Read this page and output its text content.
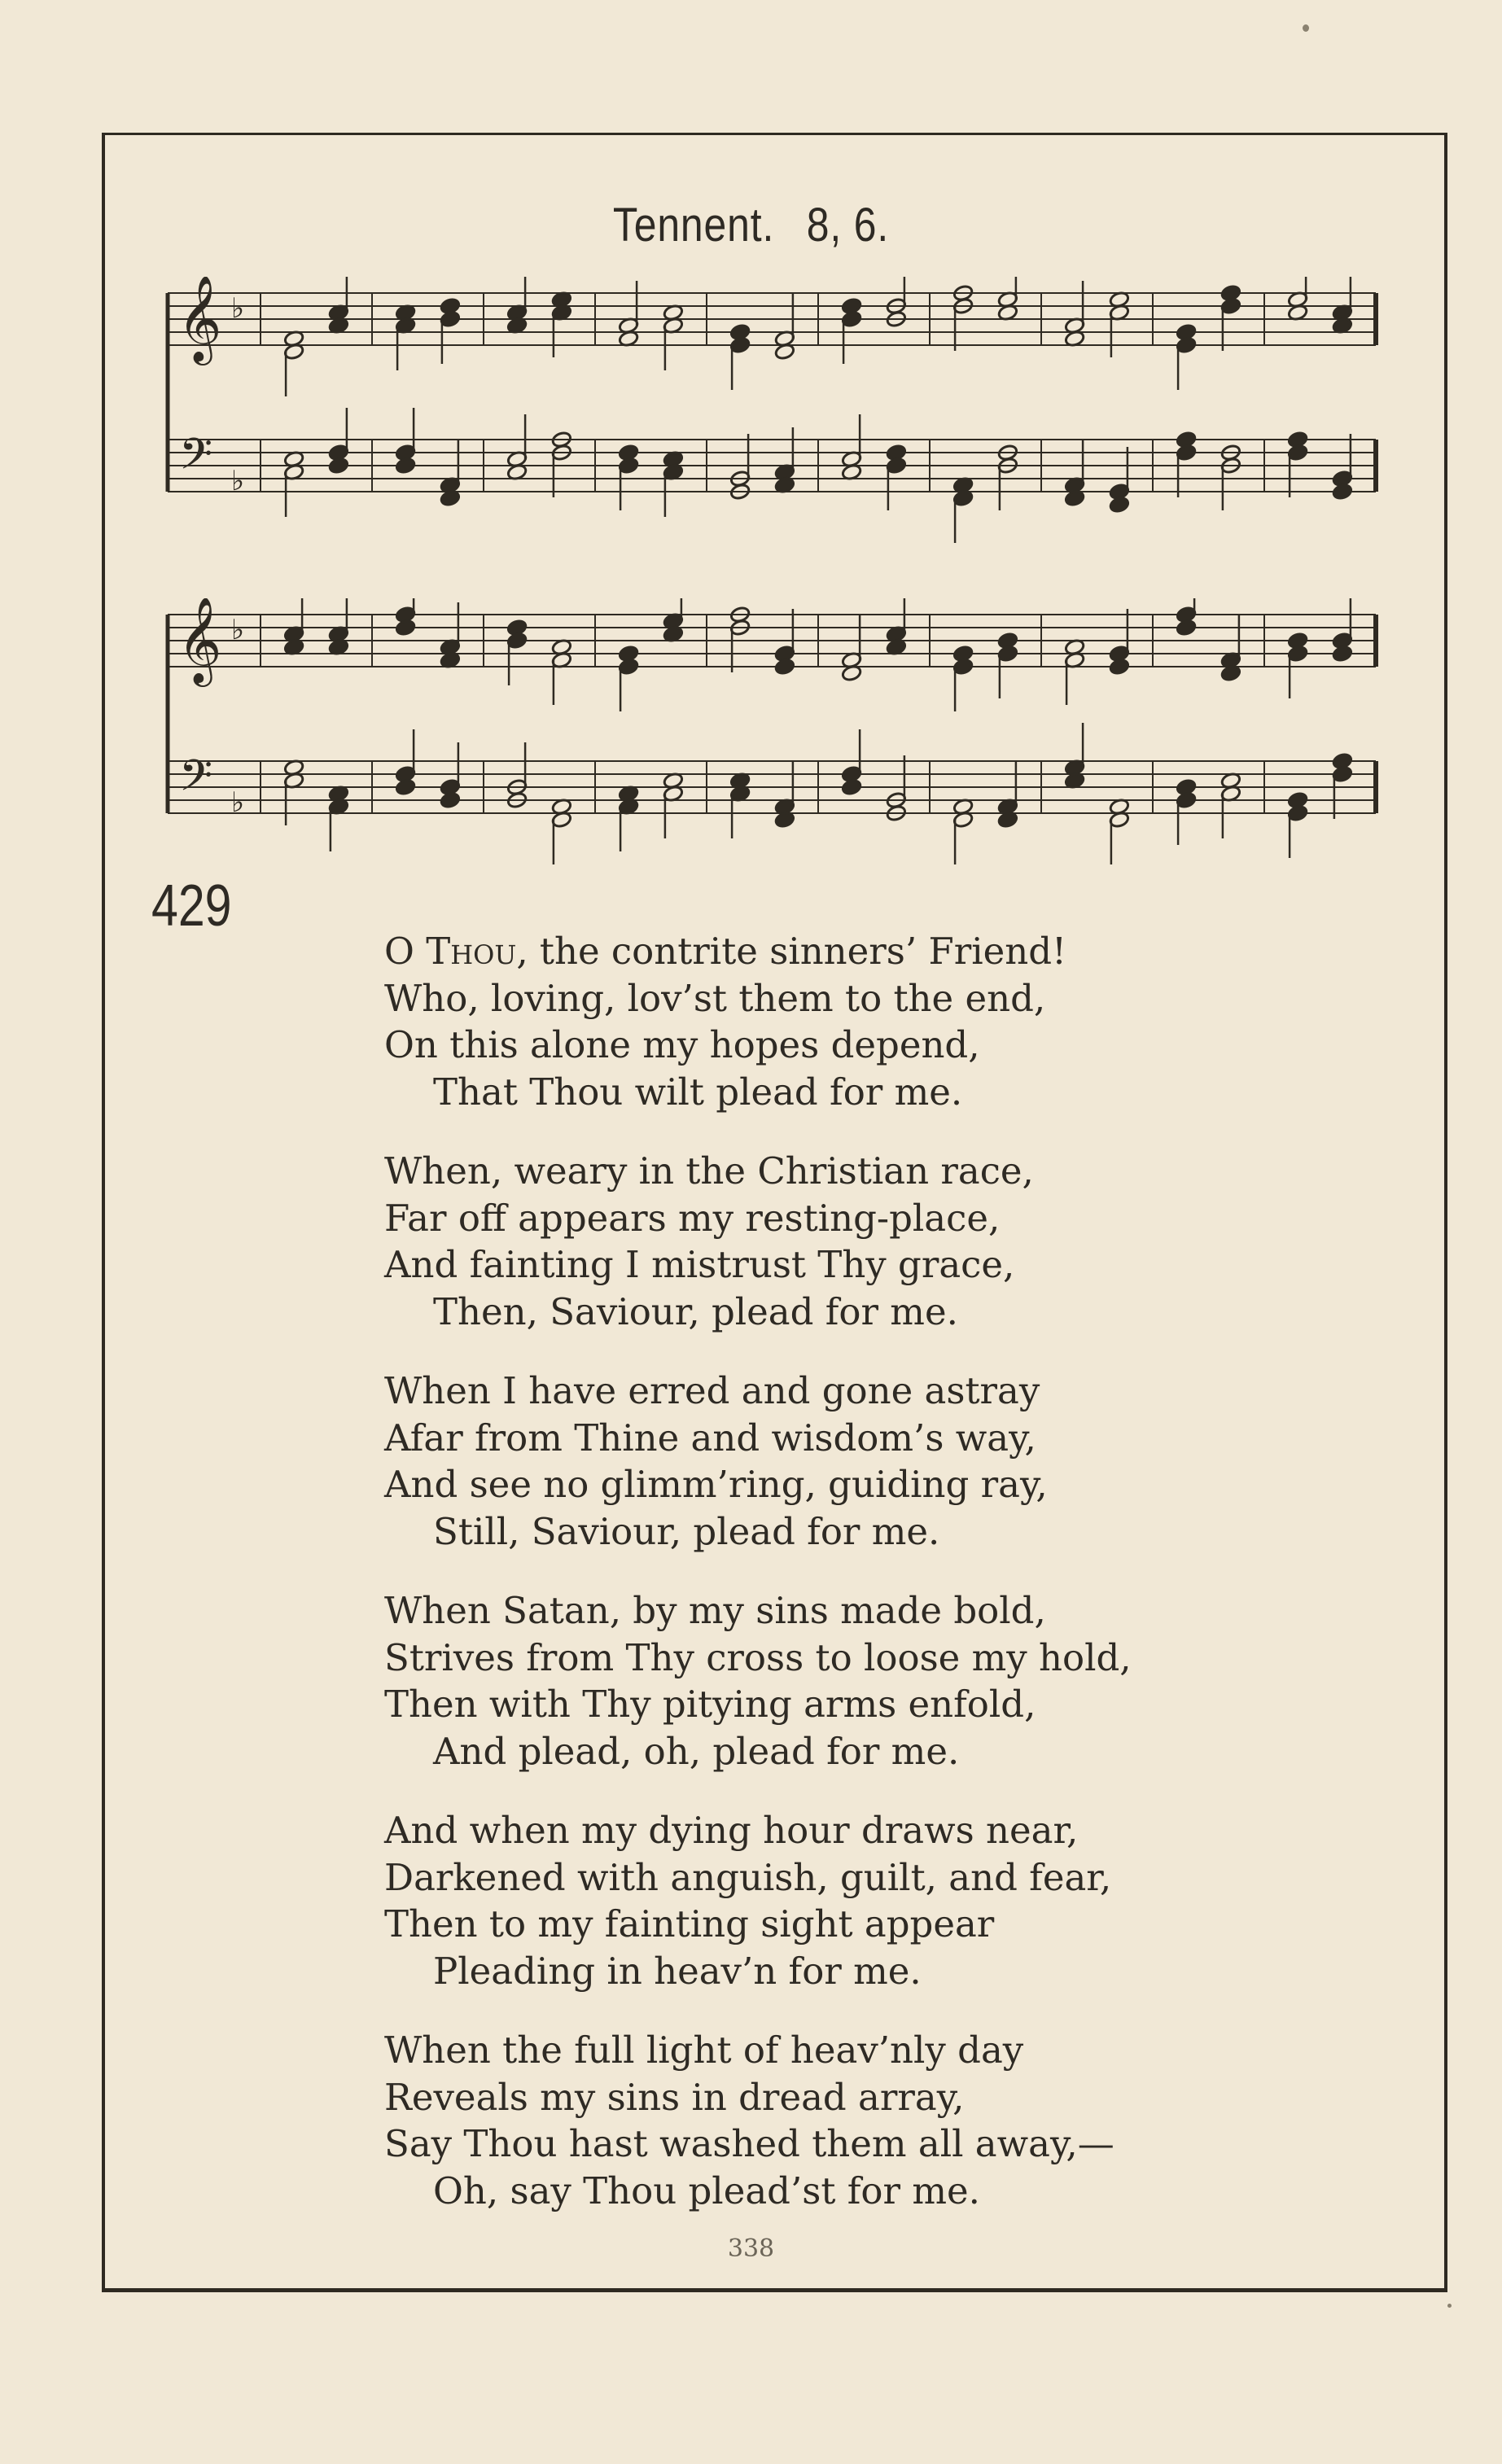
Tennent. 8, 6.
𝄞
𝄢
♭
♭
𝄞
𝄢
♭
♭
429
O Thou, the contrite sinners’ Friend!
Who, loving, lov’st them to the end,
On this alone my hopes depend,
That Thou wilt plead for me.
When, weary in the Christian race,
Far off appears my resting-place,
And fainting I mistrust Thy grace,
Then, Saviour, plead for me.
When I have erred and gone astray
Afar from Thine and wisdom’s way,
And see no glimm’ring, guiding ray,
Still, Saviour, plead for me.
When Satan, by my sins made bold,
Strives from Thy cross to loose my hold,
Then with Thy pitying arms enfold,
And plead, oh, plead for me.
And when my dying hour draws near,
Darkened with anguish, guilt, and fear,
Then to my fainting sight appear
Pleading in heav’n for me.
When the full light of heav’nly day
Reveals my sins in dread array,
Say Thou hast washed them all away,—
Oh, say Thou plead’st for me.
338
